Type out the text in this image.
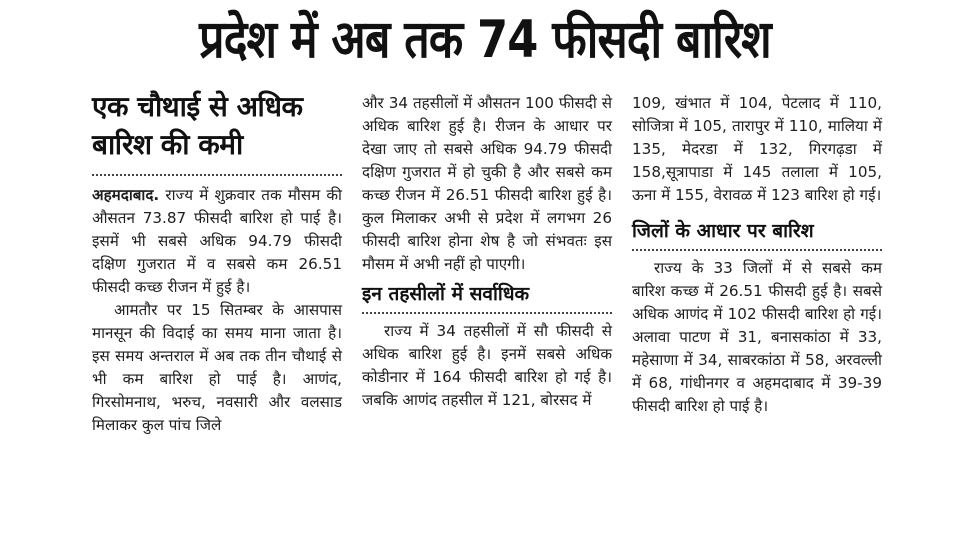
प्रदेश में अब तक 74 फीसदी बारिश
एक चौथाई से अधिक बारिश की कमी

अहमदाबाद. राज्य में शुक्रवार तक मौसम की औसतन 73.87 फीसदी बारिश हो पाई है। इसमें भी सबसे अधिक 94.79 फीसदी दक्षिण गुजरात में व सबसे कम 26.51 फीसदी कच्छ रीजन में हुई है।

आमतौर पर 15 सितम्बर के आसपास मानसून की विदाई का समय माना जाता है। इस समय अन्तराल में अब तक तीन चौथाई से भी कम बारिश हो पाई है। आणंद, गिरसोमनाथ, भरुच, नवसारी और वलसाड मिलाकर कुल पांच जिले

और 34 तहसीलों में औसतन 100 फीसदी से अधिक बारिश हुई है। रीजन के आधार पर देखा जाए तो सबसे अधिक 94.79 फीसदी दक्षिण गुजरात में हो चुकी है और सबसे कम कच्छ रीजन में 26.51 फीसदी बारिश हुई है। कुल मिलाकर अभी से प्रदेश में लगभग 26 फीसदी बारिश होना शेष है जो संभवतः इस मौसम में अभी नहीं हो पाएगी।

इन तहसीलों में सर्वाधिक

राज्य में 34 तहसीलों में सौ फीसदी से अधिक बारिश हुई है। इनमें सबसे अधिक कोडीनार में 164 फीसदी बारिश हो गई है। जबकि आणंद तहसील में 121, बोरसद में

109, खंभात में 104, पेटलाद में 110, सोजित्रा में 105, तारापुर में 110, मालिया में 135, मेदरडा में 132, गिरगढ़डा में 158,सूत्रापाडा में 145 तलाला में 105, ऊना में 155, वेरावळ में 123 बारिश हो गई।

जिलों के आधार पर बारिश

राज्य के 33 जिलों में से सबसे कम बारिश कच्छ में 26.51 फीसदी हुई है। सबसे अधिक आणंद में 102 फीसदी बारिश हो गई। अलावा पाटण में 31, बनासकांठा में 33, महेसाणा में 34, साबरकांठा में 58, अरवल्ली में 68, गांधीनगर व अहमदाबाद में 39-39 फीसदी बारिश हो पाई है।
